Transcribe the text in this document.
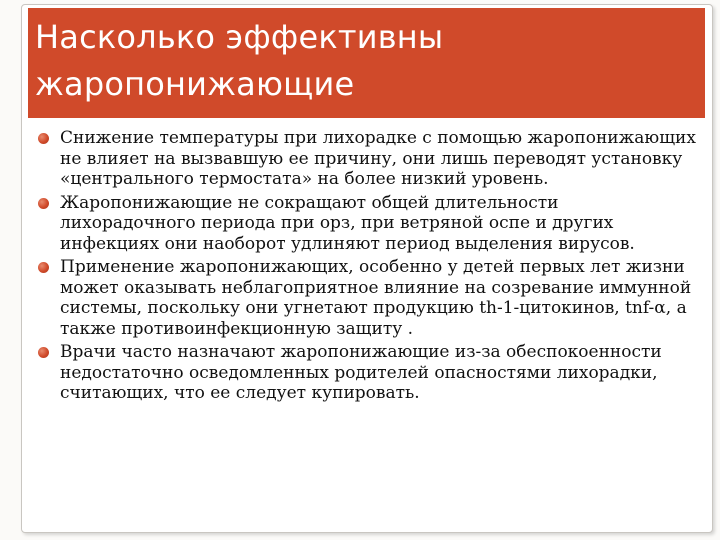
Насколько эффективны жаропонижающие
Снижение температуры при лихорадке с помощью жаропонижающих не влияет на вызвавшую ее причину, они лишь переводят установку «центрального термостата» на более низкий уровень.
Жаропонижающие не сокращают общей длительности лихорадочного периода при орз, при ветряной оспе и других инфекциях они наоборот удлиняют период выделения вирусов.
Применение жаропонижающих, особенно у детей первых лет жизни может оказывать неблагоприятное влияние на созревание иммунной системы, поскольку они угнетают продукцию th-1-цитокинов, tnf-α, а также противоинфекционную защиту .
Врачи часто назначают жаропонижающие из-за обеспокоенности недостаточно осведомленных родителей опасностями лихорадки, считающих, что ее следует купировать.
